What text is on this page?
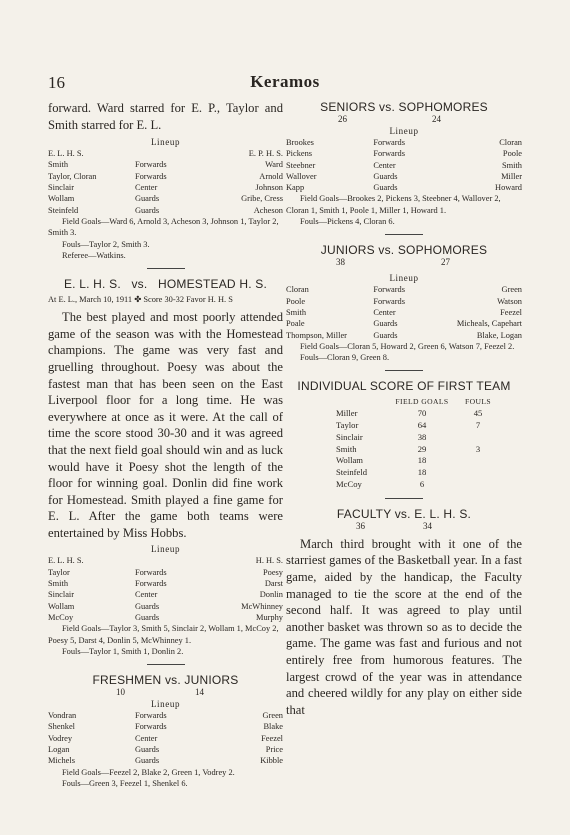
16	Keramos

forward. Ward starred for E. P., Taylor and Smith starred for E. L.

Lineup
E. L. H. S.	E. P. H. S.
Smith	Forwards	Ward
Taylor, Cloran	Forwards	Arnold
Sinclair	Center	Johnson
Wollam	Guards	Gribe, Cress
Steinfeld	Guards	Acheson

Field Goals—Ward 6, Arnold 3, Acheson 3, Johnson 1, Taylor 2, Smith 3.

Fouls—Taylor 2, Smith 3.

Referee—Watkins.

E. L. H. S.   vs.   HOMESTEAD H. S.
At E. L., March 10, 1911 ✤ Score 30-32 Favor H. H. S

The best played and most poorly attended game of the season was with the Homestead champions. The game was very fast and gruelling throughout. Poesy was about the fastest man that has been seen on the East Liverpool floor for a long time. He was everywhere at once as it were. At the call of time the score stood 30-30 and it was agreed that the next field goal should win and as luck would have it Poesy shot the length of the floor for winning goal. Donlin did fine work for Homestead. Smith played a fine game for E. L. After the game both teams were entertained by Miss Hobbs.

Lineup
E. L. H. S.	H. H. S.
Taylor	Forwards	Poesy
Smith	Forwards	Darst
Sinclair	Center	Donlin
Wollam	Guards	McWhinney
McCoy	Guards	Murphy

Field Goals—Taylor 3, Smith 5, Sinclair 2, Wollam 1, McCoy 2, Poesy 5, Darst 4, Donlin 5, McWhinney 1.

Fouls—Taylor 1, Smith 1, Donlin 2.

FRESHMEN vs. JUNIORS
10	14
Lineup
Vondran	Forwards	Green
Shenkel	Forwards	Blake
Vodrey	Center	Feezel
Logan	Guards	Price
Michels	Guards	Kibble

Field Goals—Feezel 2, Blake 2, Green 1, Vodrey 2.

Fouls—Green 3, Feezel 1, Shenkel 6.

SENIORS vs. SOPHOMORES
26	24
Lineup
Brookes	Forwards	Cloran
Pickens	Forwards	Poole
Steebner	Center	Smith
Wallover	Guards	Miller
Kapp	Guards	Howard

Field Goals—Brookes 2, Pickens 3, Steebner 4, Wallover 2, Cloran 1, Smith 1, Poole 1, Miller 1, Howard 1.

Fouls—Pickens 4, Cloran 6.

JUNIORS vs. SOPHOMORES
38	27
Lineup
Cloran	Forwards	Green
Poole	Forwards	Watson
Smith	Center	Feezel
Poale	Guards	Micheals, Capehart
Thompson, Miller	Guards	Blake, Logan

Field Goals—Cloran 5, Howard 2, Green 6, Watson 7, Feezel 2.

Fouls—Cloran 9, Green 8.

INDIVIDUAL SCORE OF FIRST TEAM
	FIELD GOALS	FOULS
Miller	70	45
Taylor	64	7
Sinclair	38	
Smith	29	3
Wollam	18	
Steinfeld	18	
McCoy	6	
FACULTY vs. E. L. H. S.
36	34

March third brought with it one of the starriest games of the Basketball year. In a fast game, aided by the handicap, the Faculty managed to tie the score at the end of the second half. It was agreed to play until another basket was thrown so as to decide the game. The game was fast and furious and not entirely free from humorous features. The largest crowd of the year was in attendance and cheered wildly for any play on either side that
